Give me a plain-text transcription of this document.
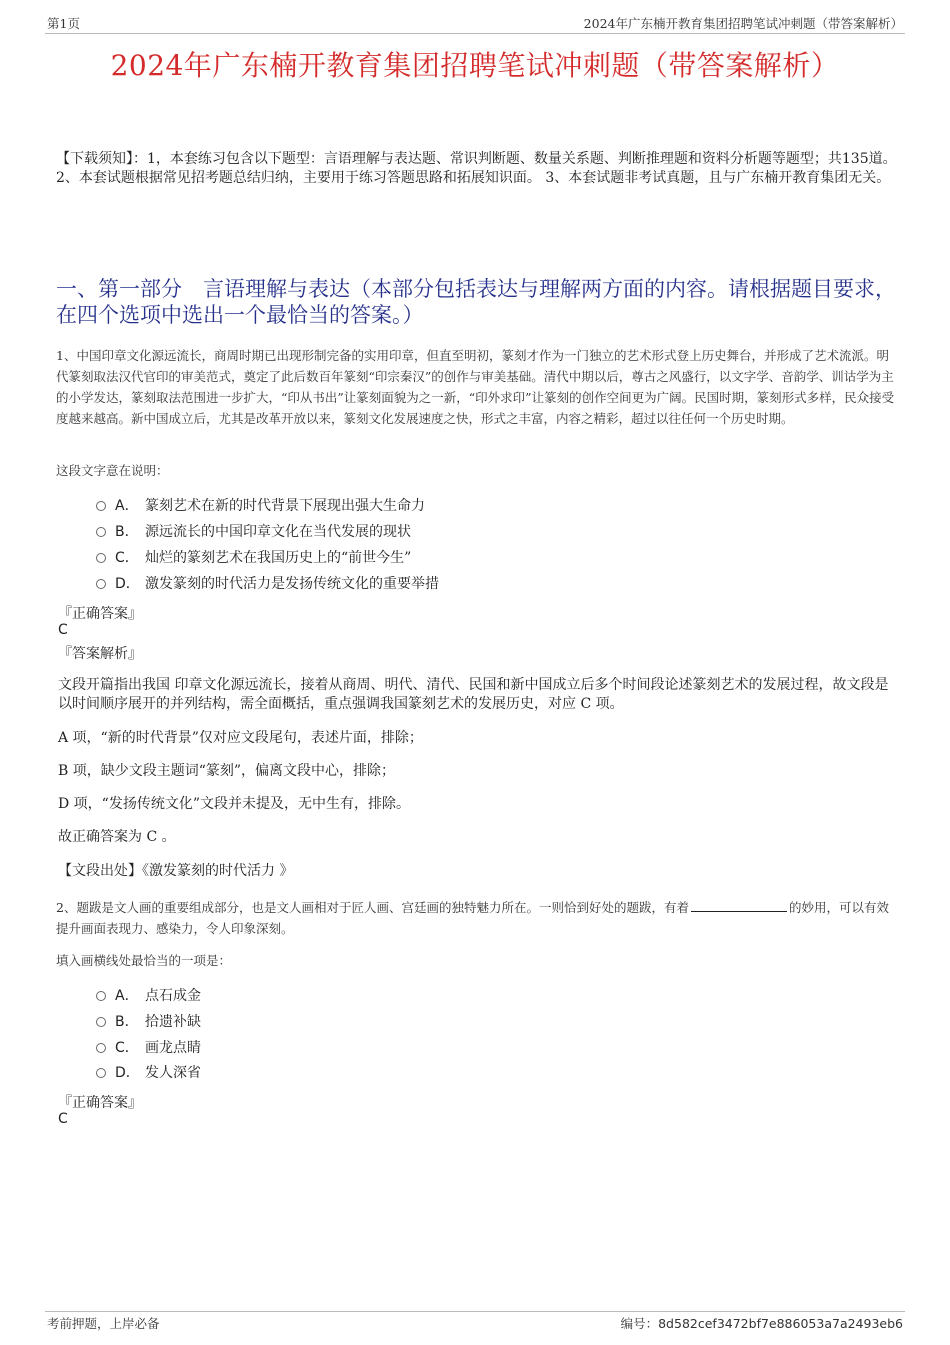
第1页	2024年广东楠开教育集团招聘笔试冲刺题（带答案解析）
2024年广东楠开教育集团招聘笔试冲刺题（带答案解析）
【下载须知】：1，本套练习包含以下题型：言语理解与表达题、常识判断题、数量关系题、判断推理题和资料分析题等题型；共135道。 2、本套试题根据常见招考题总结归纳，主要用于练习答题思路和拓展知识面。 3、本套试题非考试真题，且与广东楠开教育集团无关。
一、第一部分　言语理解与表达（本部分包括表达与理解两方面的内容。请根据题目要求，在四个选项中选出一个最恰当的答案。）
1、中国印章文化源远流长，商周时期已出现形制完备的实用印章，但直至明初，篆刻才作为一门独立的艺术形式登上历史舞台，并形成了艺术流派。明代篆刻取法汉代官印的审美范式，奠定了此后数百年篆刻“印宗秦汉”的创作与审美基础。清代中期以后，尊古之风盛行，以文字学、音韵学、训诂学为主的小学发达，篆刻取法范围进一步扩大，“印从书出”让篆刻面貌为之一新，“印外求印”让篆刻的创作空间更为广阔。民国时期，篆刻形式多样，民众接受度越来越高。新中国成立后，尤其是改革开放以来，篆刻文化发展速度之快，形式之丰富，内容之精彩，超过以往任何一个历史时期。
这段文字意在说明：
A． 篆刻艺术在新的时代背景下展现出强大生命力
B． 源远流长的中国印章文化在当代发展的现状
C． 灿烂的篆刻艺术在我国历史上的“前世今生”
D． 激发篆刻的时代活力是发扬传统文化的重要举措
『正确答案』
C
『答案解析』
文段开篇指出我国 印章文化源远流长，接着从商周、明代、清代、民国和新中国成立后多个时间段论述篆刻艺术的发展过程，故文段是以时间顺序展开的并列结构，需全面概括，重点强调我国篆刻艺术的发展历史，对应 C 项。
A 项，“新的时代背景”仅对应文段尾句，表述片面，排除；
B 项，缺少文段主题词“篆刻”，偏离文段中心，排除；
D 项，“发扬传统文化”文段并未提及，无中生有，排除。
故正确答案为 C 。
【文段出处】《激发篆刻的时代活力 》
2、题跋是文人画的重要组成部分，也是文人画相对于匠人画、宫廷画的独特魅力所在。一则恰到好处的题跋，有着	的妙用，可以有效提升画面表现力、感染力，令人印象深刻。
填入画横线处最恰当的一项是：
A． 点石成金
B． 拾遗补缺
C． 画龙点睛
D． 发人深省
『正确答案』
C
考前押题，上岸必备	编号：8d582cef3472bf7e886053a7a2493eb6
